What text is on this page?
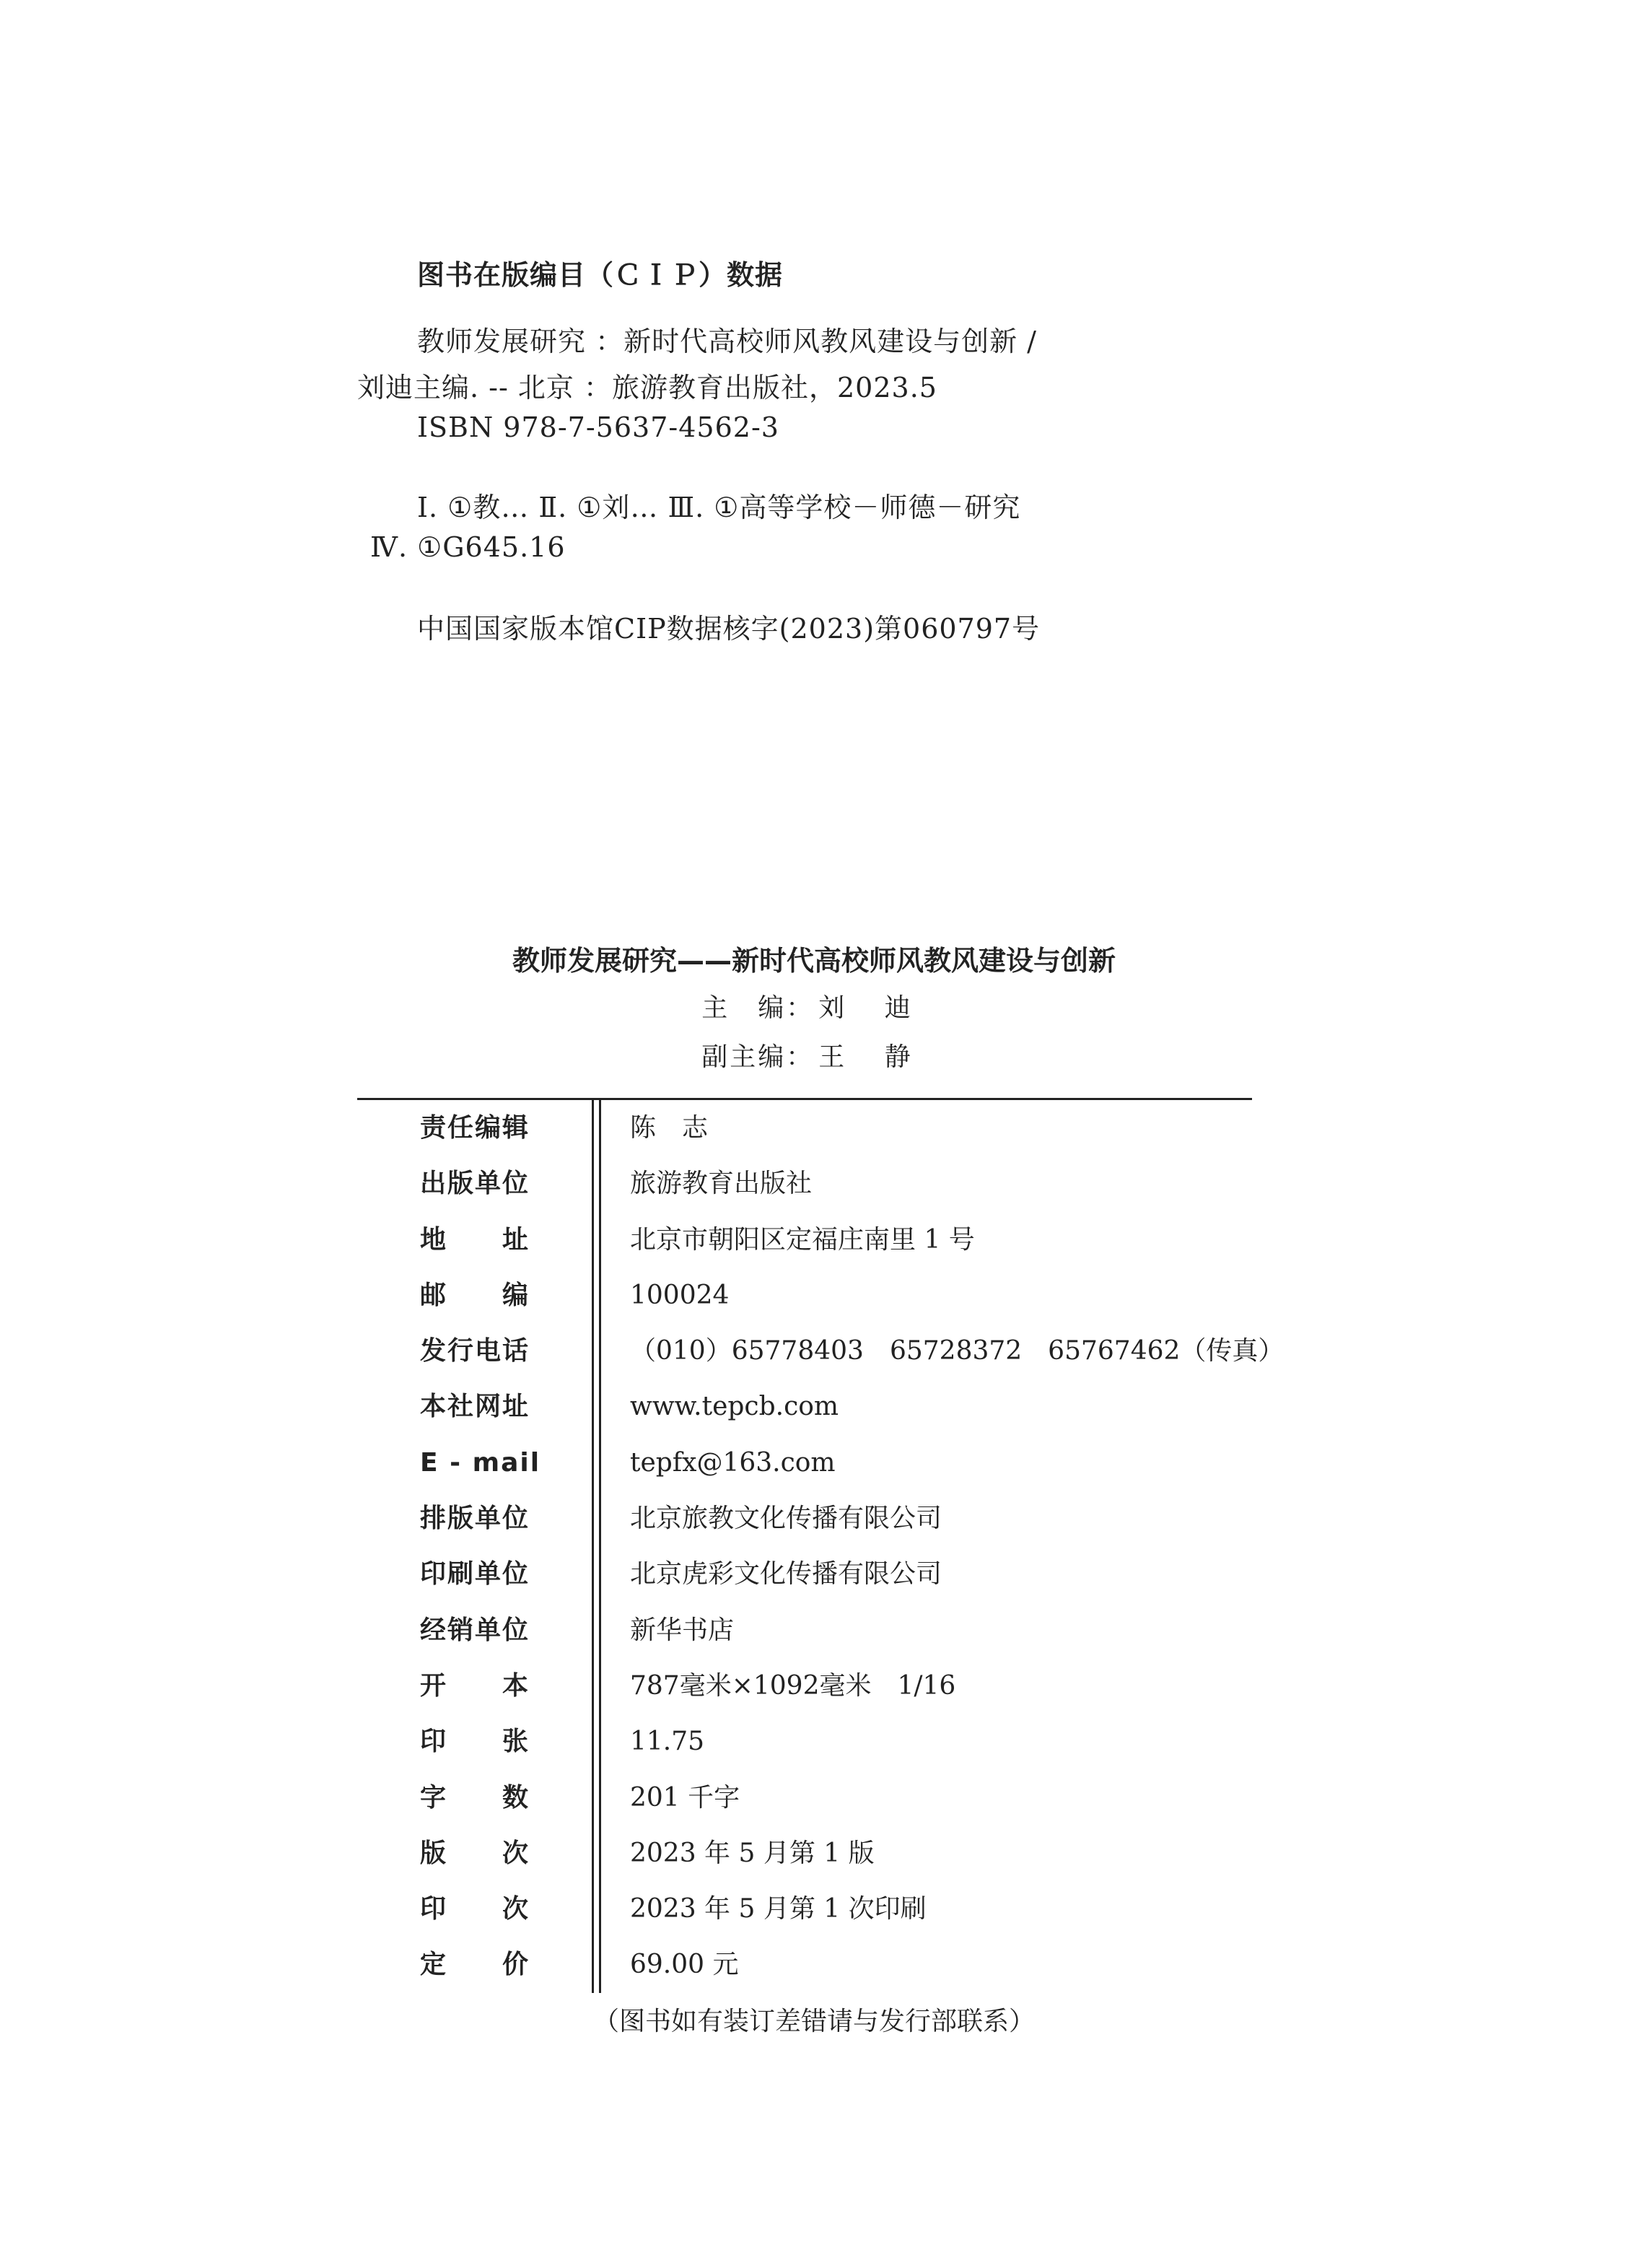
图书在版编目（ＣＩＰ）数据
教师发展研究 ：新时代高校师风教风建设与创新 /
刘迪主编. -- 北京 ：旅游教育出版社，2023.5
ISBN 978-7-5637-4562-3
Ⅰ. ①教… Ⅱ. ①刘… Ⅲ. ①高等学校－师德－研究
Ⅳ. ①G645.16
中国国家版本馆CIP数据核字(2023)第060797号
教师发展研究——新时代高校师风教风建设与创新
主　编： 刘 迪
副主编： 王 静
责任编辑	陈　志
出版单位	旅游教育出版社
地址	北京市朝阳区定福庄南里 1 号
邮编	100024
发行电话	（010）65778403　65728372　65767462（传真）
本社网址	www.tepcb.com
E - mail	tepfx@163.com
排版单位	北京旅教文化传播有限公司
印刷单位	北京虎彩文化传播有限公司
经销单位	新华书店
开本	787毫米×1092毫米　1/16
印张	11.75
字数	201 千字
版次	2023 年 5 月第 1 版
印次	2023 年 5 月第 1 次印刷
定价	69.00 元
（图书如有装订差错请与发行部联系）
